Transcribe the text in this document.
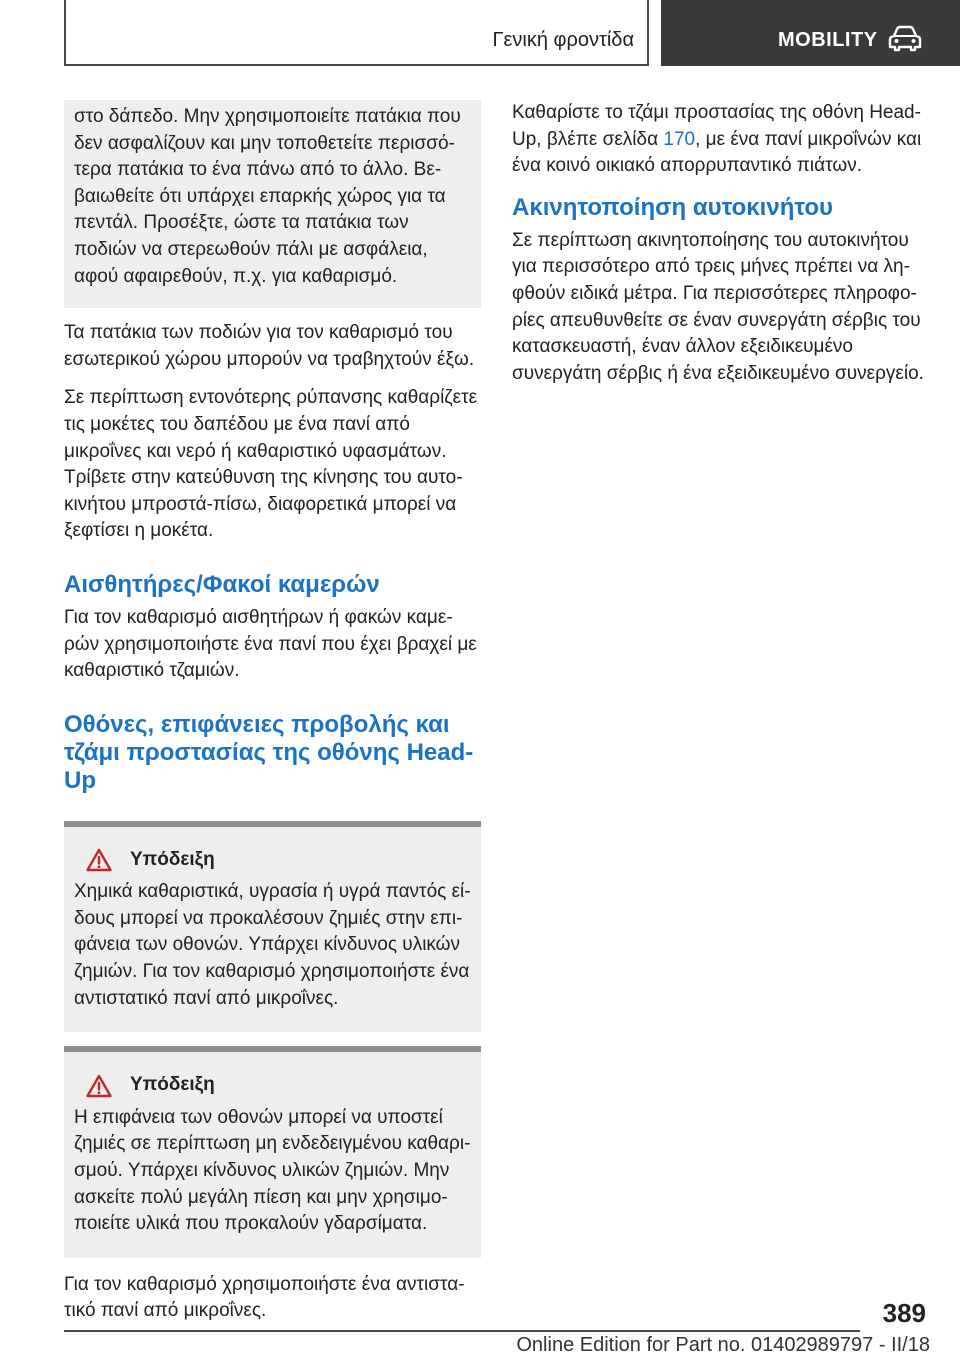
Γενική φροντίδα	MOBILITY

στο δάπεδο. Μην χρησιμοποιείτε πατάκια που δεν ασφαλίζουν και μην τοποθετείτε περισσότερα πατάκια το ένα πάνω από το άλλο. Βεβαιωθείτε ότι υπάρχει επαρκής χώρος για τα πεντάλ. Προσέξτε, ώστε τα πατάκια των ποδιών να στερεωθούν πάλι με ασφάλεια, αφού αφαιρεθούν, π.χ. για καθαρισμό.

Τα πατάκια των ποδιών για τον καθαρισμό του εσωτερικού χώρου μπορούν να τραβηχτούν έξω.

Σε περίπτωση εντονότερης ρύπανσης καθαρίζετε τις μοκέτες του δαπέδου με ένα πανί από μικροΐνες και νερό ή καθαριστικό υφασμάτων. Τρίβετε στην κατεύθυνση της κίνησης του αυτοκινήτου μπροστά-πίσω, διαφορετικά μπορεί να ξεφτίσει η μοκέτα.

Αισθητήρες/Φακοί καμερών

Για τον καθαρισμό αισθητήρων ή φακών καμερών χρησιμοποιήστε ένα πανί που έχει βραχεί με καθαριστικό τζαμιών.

Οθόνες, επιφάνειες προβολής και τζάμι προστασίας της οθόνης Head-Up
Υπόδειξη

Χημικά καθαριστικά, υγρασία ή υγρά παντός είδους μπορεί να προκαλέσουν ζημιές στην επιφάνεια των οθονών. Υπάρχει κίνδυνος υλικών ζημιών. Για τον καθαρισμό χρησιμοποιήστε ένα αντιστατικό πανί από μικροΐνες.

Υπόδειξη

Η επιφάνεια των οθονών μπορεί να υποστεί ζημιές σε περίπτωση μη ενδεδειγμένου καθαρισμού. Υπάρχει κίνδυνος υλικών ζημιών. Μην ασκείτε πολύ μεγάλη πίεση και μην χρησιμοποιείτε υλικά που προκαλούν γδαρσίματα.

Για τον καθαρισμό χρησιμοποιήστε ένα αντιστατικό πανί από μικροΐνες.

Καθαρίστε το τζάμι προστασίας της οθόνη Head-Up, βλέπε σελίδα 170, με ένα πανί μικροΐνών και ένα κοινό οικιακό απορρυπαντικό πιάτων.

Ακινητοποίηση αυτοκινήτου

Σε περίπτωση ακινητοποίησης του αυτοκινήτου για περισσότερο από τρεις μήνες πρέπει να ληφθούν ειδικά μέτρα. Για περισσότερες πληροφορίες απευθυνθείτε σε έναν συνεργάτη σέρβις του κατασκευαστή, έναν άλλον εξειδικευμένο συνεργάτη σέρβις ή ένα εξειδικευμένο συνεργείο.

389
Online Edition for Part no. 01402989797 - II/18
